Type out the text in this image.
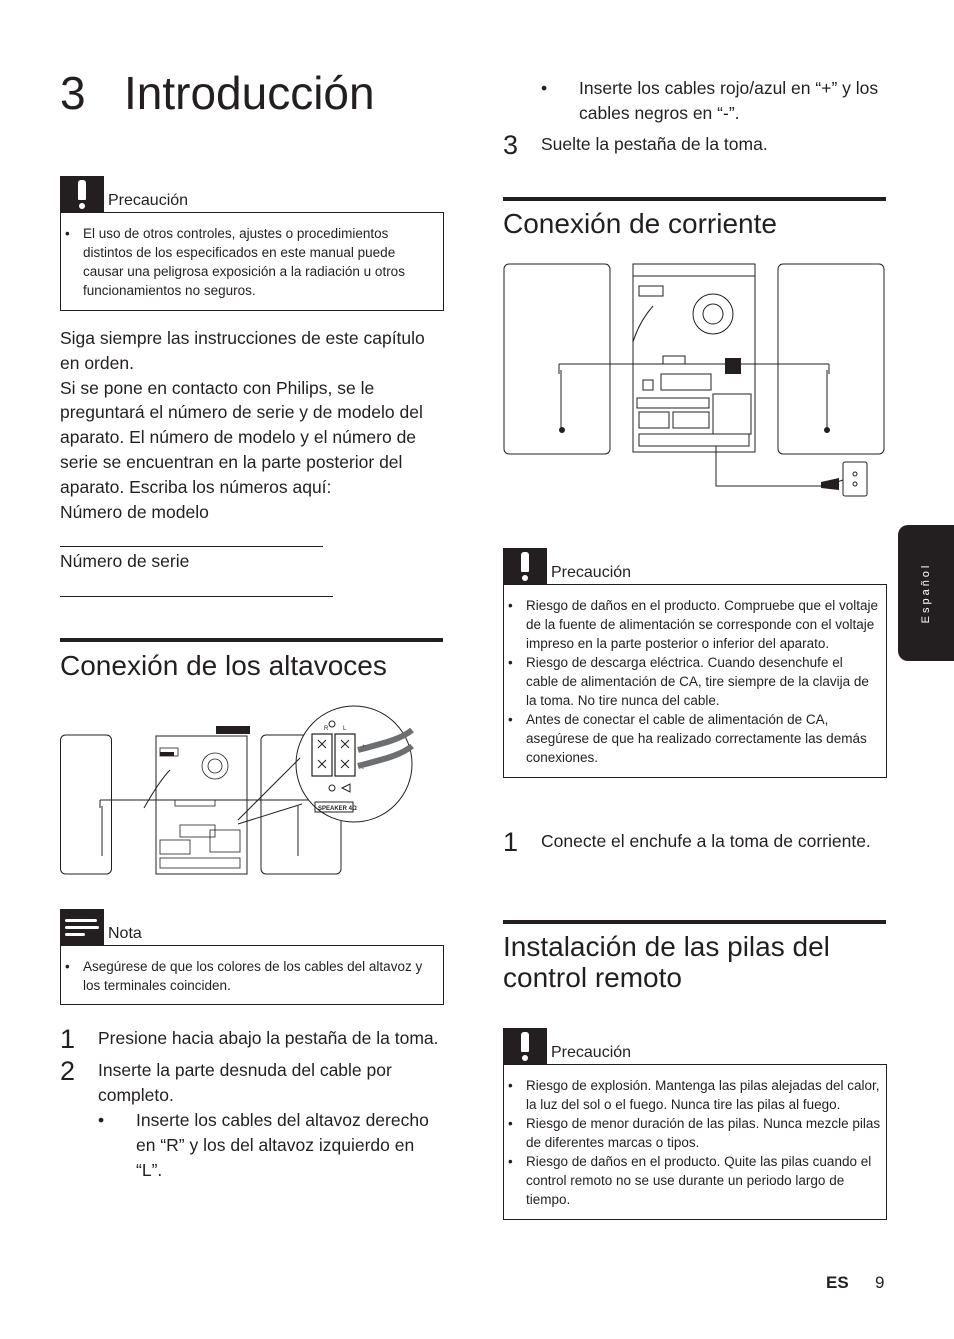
3 Introducción
Precaución
• El uso de otros controles, ajustes o procedimientos distintos de los especificados en este manual puede causar una peligrosa exposición a la radiación u otros funcionamientos no seguros.
Siga siempre las instrucciones de este capítulo en orden.
Si se pone en contacto con Philips, se le preguntará el número de serie y de modelo del aparato. El número de modelo y el número de serie se encuentran en la parte posterior del aparato. Escriba los números aquí:
Número de modelo
Número de serie
Conexión de los altavoces
R L
+
-
SPEAKER 4Ω
Nota
• Asegúrese de que los colores de los cables del altavoz y los terminales coinciden.
1	Presione hacia abajo la pestaña de la toma.
2	Inserte la parte desnuda del cable por completo.
• Inserte los cables del altavoz derecho en “R” y los del altavoz izquierdo en “L”.
• Inserte los cables rojo/azul en “+” y los cables negros en “-”.
3	Suelte la pestaña de la toma.
Conexión de corriente
Precaución
• Riesgo de daños en el producto. Compruebe que el voltaje de la fuente de alimentación se corresponde con el voltaje impreso en la parte posterior o inferior del aparato.
• Riesgo de descarga eléctrica. Cuando desenchufe el cable de alimentación de CA, tire siempre de la clavija de la toma. No tire nunca del cable.
• Antes de conectar el cable de alimentación de CA, asegúrese de que ha realizado correctamente las demás conexiones.
1	Conecte el enchufe a la toma de corriente.
Instalación de las pilas del
control remoto
Precaución
• Riesgo de explosión. Mantenga las pilas alejadas del calor, la luz del sol o el fuego. Nunca tire las pilas al fuego.
• Riesgo de menor duración de las pilas. Nunca mezcle pilas de diferentes marcas o tipos.
• Riesgo de daños en el producto. Quite las pilas cuando el control remoto no se use durante un periodo largo de tiempo.
Español
ES 9
